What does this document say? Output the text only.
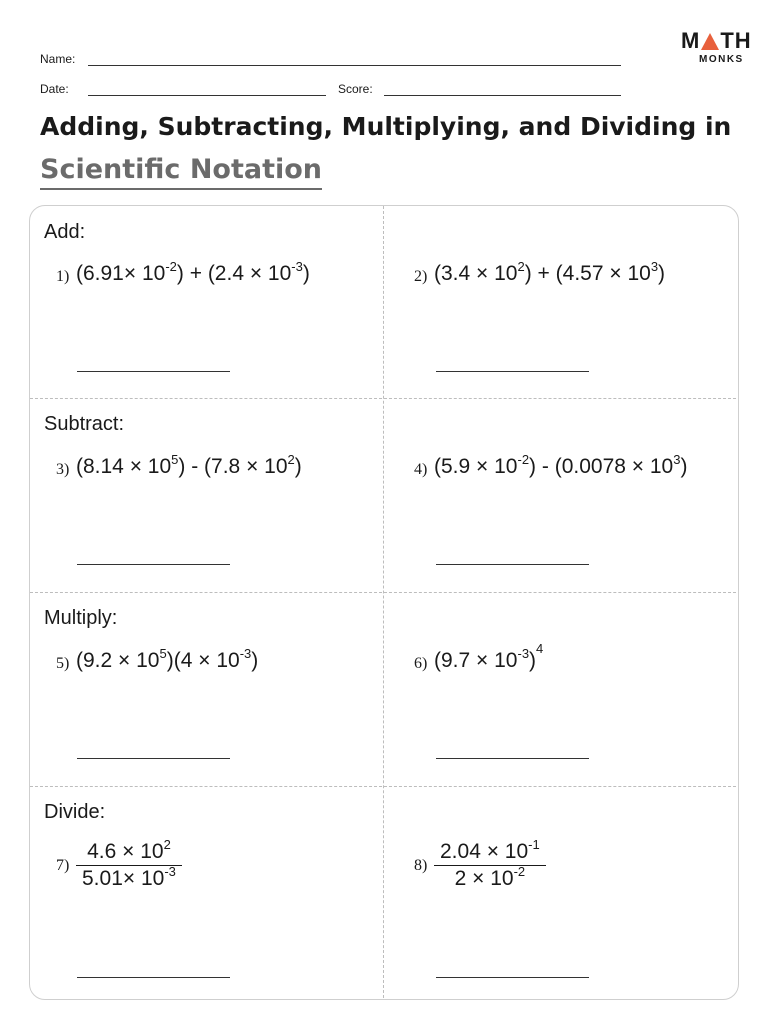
Name:
Date:	Score:
M TH
MONKS
Adding, Subtracting, Multiplying, and Dividing in
Scientific Notation
Add:
Subtract:
Multiply:
Divide:
1) $(6.91\times 10^{-2}) + (2.4 \times 10^{-3})$	2) $(3.4 \times 10^2) + (4.57 \times 10^3)$
3) $(8.14 \times 10^5) - (7.8 \times 10^2)$	4) $(5.9 \times 10^{-2}) - (0.0078 \times 10^3)$
5) $(9.2 \times 10^5)(4 \times 10^{-3})$	6) $(9.7 \times 10^{-3})^4$
$7) \frac{4.6 \times 10^2}{5.01\times 10^{-3}}$	$8) \frac{2.04 \times 10^{-1}}{2 \times 10^{-2}}$
